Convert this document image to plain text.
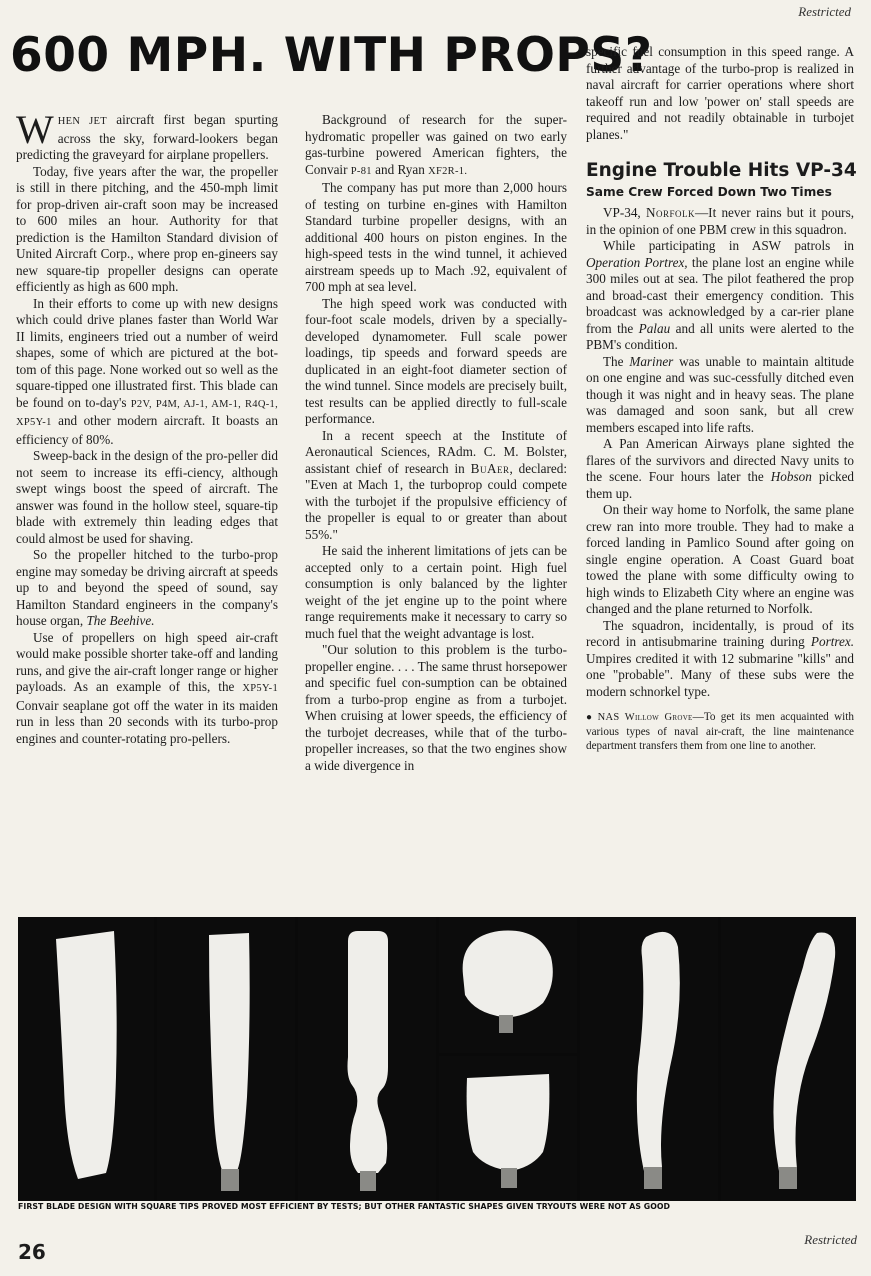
Restricted
600 MPH. WITH PROPS?

WHEN JET aircraft first began spurting across the sky, forward-lookers began predicting the graveyard for airplane propellers.

Today, five years after the war, the propeller is still in there pitching, and the 450-mph limit for prop-driven air-craft soon may be increased to 600 miles an hour. Authority for that prediction is the Hamilton Standard division of United Aircraft Corp., where prop en-gineers say new square-tip propeller designs can operate efficiently as high as 600 mph.

In their efforts to come up with new designs which could drive planes faster than World War II limits, engineers tried out a number of weird shapes, some of which are pictured at the bot-tom of this page. None worked out so well as the square-tipped one illustrated first. This blade can be found on to-day's P2V, P4M, AJ-1, AM-1, R4Q-1, XP5Y-1 and other modern aircraft. It boasts an efficiency of 80%.

Sweep-back in the design of the pro-peller did not seem to increase its effi-ciency, although swept wings boost the speed of aircraft. The answer was found in the hollow steel, square-tip blade with extremely thin leading edges that could almost be used for shaving.

So the propeller hitched to the turbo-prop engine may someday be driving aircraft at speeds up to and beyond the speed of sound, say Hamilton Standard engineers in the company's house organ, The Beehive.

Use of propellers on high speed air-craft would make possible shorter take-off and landing runs, and give the air-craft longer range or higher payloads. As an example of this, the XP5Y-1 Convair seaplane got off the water in its maiden run in less than 20 seconds with its turbo-prop engines and counter-rotating pro-pellers.

Background of research for the super-hydromatic propeller was gained on two early gas-turbine powered American fighters, the Convair P-81 and Ryan XF2R-1.

The company has put more than 2,000 hours of testing on turbine en-gines with Hamilton Standard turbine propeller designs, with an additional 400 hours on piston engines. In the high-speed tests in the wind tunnel, it achieved airstream speeds up to Mach .92, equivalent of 700 mph at sea level.

The high speed work was conducted with four-foot scale models, driven by a specially-developed dynamometer. Full scale power loadings, tip speeds and forward speeds are duplicated in an eight-foot diameter section of the wind tunnel. Since models are precisely built, test results can be applied directly to full-scale performance.

In a recent speech at the Institute of Aeronautical Sciences, RAdm. C. M. Bolster, assistant chief of research in BuAer, declared: "Even at Mach 1, the turboprop could compete with the turbojet if the propulsive efficiency of the propeller is equal to or greater than about 55%."

He said the inherent limitations of jets can be accepted only to a certain point. High fuel consumption is only balanced by the lighter weight of the jet engine up to the point where range requirements make it necessary to carry so much fuel that the weight advantage is lost.

"Our solution to this problem is the turbo-propeller engine. . . . The same thrust horsepower and specific fuel con-sumption can be obtained from a turbo-prop engine as from a turbojet. When cruising at lower speeds, the efficiency of the turbojet decreases, while that of the turbo-propeller increases, so that the two engines show a wide divergence in

specific fuel consumption in this speed range. A further advantage of the turbo-prop is realized in naval aircraft for carrier operations where short takeoff run and low 'power on' stall speeds are required and not readily obtainable in turbojet planes."

Engine Trouble Hits VP-34
Same Crew Forced Down Two Times

VP-34, Norfolk—It never rains but it pours, in the opinion of one PBM crew in this squadron.

While participating in ASW patrols in Operation Portrex, the plane lost an engine while 300 miles out at sea. The pilot feathered the prop and broad-cast their emergency condition. This broadcast was acknowledged by a car-rier plane from the Palau and all units were alerted to the PBM's condition.

The Mariner was unable to maintain altitude on one engine and was suc-cessfully ditched even though it was night and in heavy seas. The plane was damaged and soon sank, but all crew members escaped into life rafts.

A Pan American Airways plane sighted the flares of the survivors and directed Navy units to the scene. Four hours later the Hobson picked them up.

On their way home to Norfolk, the same plane crew ran into more trouble. They had to make a forced landing in Pamlico Sound after going on single engine operation. A Coast Guard boat towed the plane with some difficulty owing to high winds to Elizabeth City where an engine was changed and the plane returned to Norfolk.

The squadron, incidentally, is proud of its record in antisubmarine training during Portrex. Umpires credited it with 12 submarine "kills" and one "probable". Many of these subs were the modern schnorkel type.

● NAS Willow Grove—To get its men acquainted with various types of naval air-craft, the line maintenance department transfers them from one line to another.
FIRST BLADE DESIGN WITH SQUARE TIPS PROVED MOST EFFICIENT BY TESTS; BUT OTHER FANTASTIC SHAPES GIVEN TRYOUTS WERE NOT AS GOOD
26
Restricted
